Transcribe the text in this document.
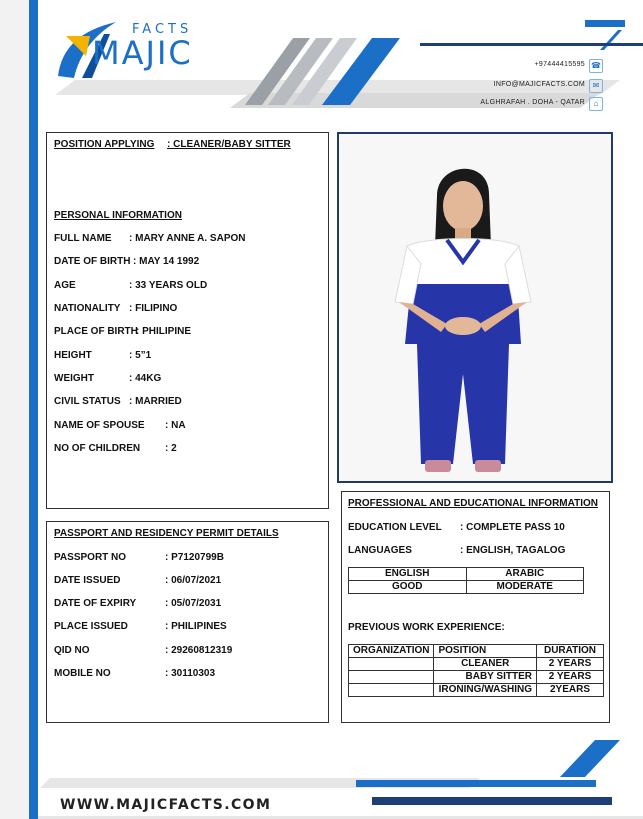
FACTS
MAJIC	+97444415595 ☎
INFO@MAJICFACTS.COM ✉
ALGHRAFAH . DOHA - QATAR	⌂
POSITION APPLYING : CLEANER/BABY SITTER
PERSONAL INFORMATION
FULL NAME : MARY ANNE A. SAPON
DATE OF BIRTH : MAY 14 1992
AGE	: 33 YEARS OLD
NATIONALITY : FILIPINO
PLACE OF BIRTH
: PHILIPINE
HEIGHT	: 5”1
WEIGHT	: 44KG
CIVIL STATUS : MARRIED
NAME OF SPOUSE : NA
NO OF CHILDREN : 2
PASSPORT AND RESIDENCY PERMIT DETAILS
PASSPORT NO	: P7120799B
DATE ISSUED	: 06/07/2021
DATE OF EXPIRY	: 05/07/2031
PLACE ISSUED	: PHILIPINES
QID NO	: 29260812319
MOBILE NO	: 30110303
PROFESSIONAL AND EDUCATIONAL INFORMATION
EDUCATION LEVEL : COMPLETE PASS 10
LANGUAGES	: ENGLISH, TAGALOG
ENGLISH	ARABIC
GOOD	MODERATE
PREVIOUS WORK EXPERIENCE:
ORGANIZATION	POSITION	DURATION
	CLEANER	2 YEARS
	BABY SITTER	2 YEARS
	IRONING/WASHING	2YEARS
WWW.MAJICFACTS.COM
